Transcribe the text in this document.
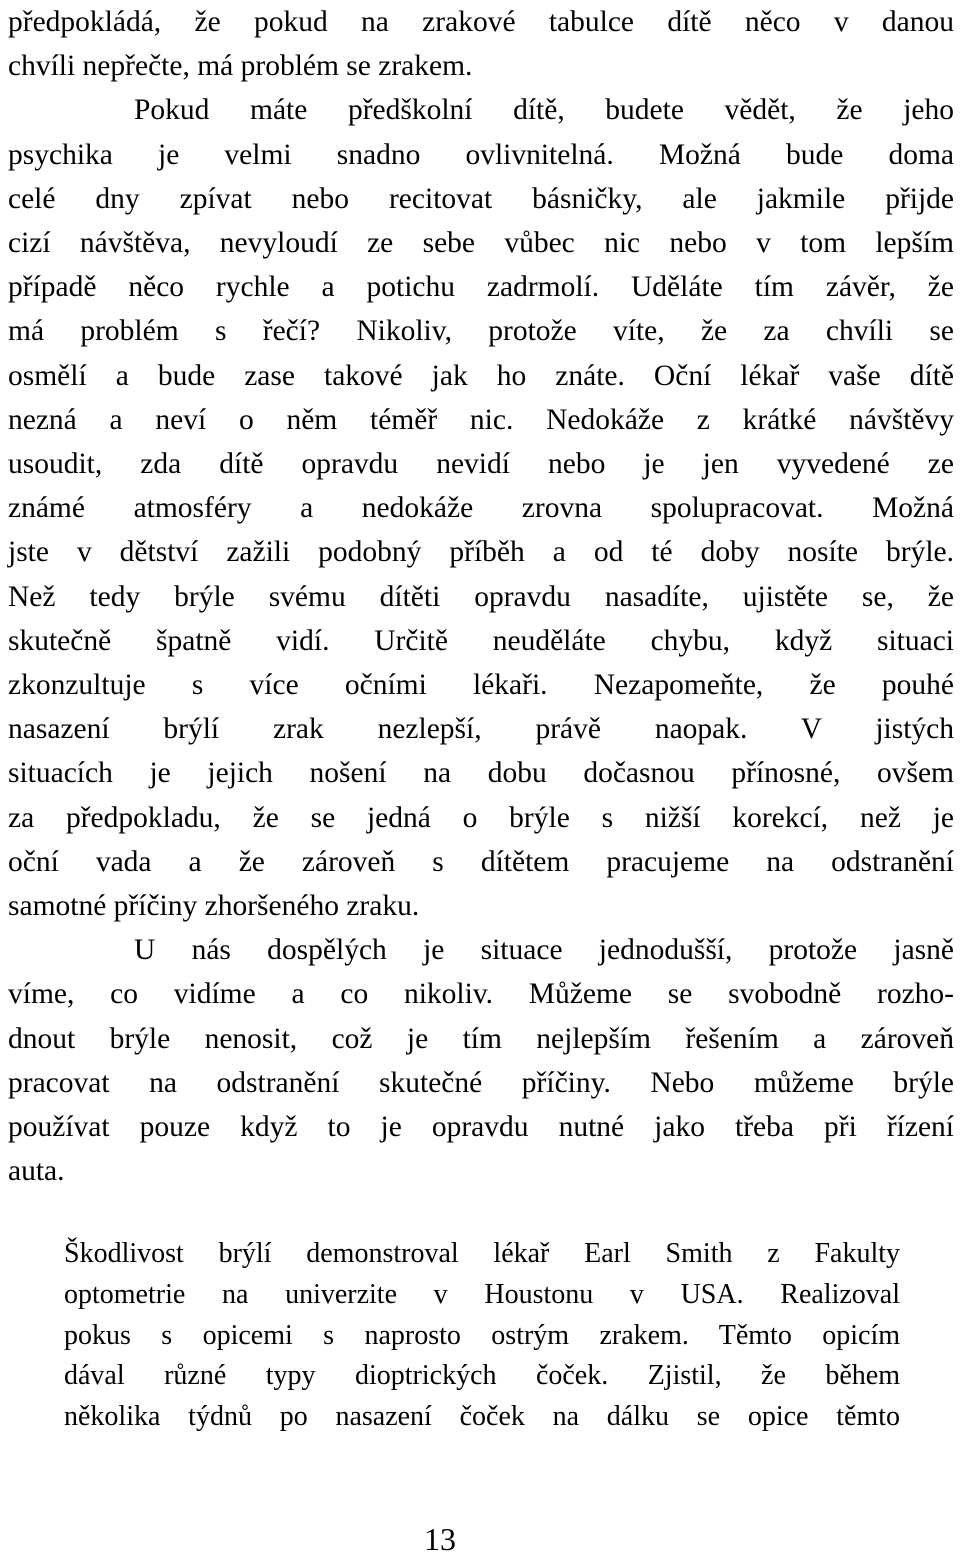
předpokládá, že pokud na zrakové tabulce dítě něco v danou
chvíli nepřečte, má problém se zrakem.
Pokud máte předškolní dítě, budete vědět, že jeho
psychika je velmi snadno ovlivnitelná. Možná bude doma
celé dny zpívat nebo recitovat básničky, ale jakmile přijde
cizí návštěva, nevyloudí ze sebe vůbec nic nebo v tom lepším
případě něco rychle a potichu zadrmolí. Uděláte tím závěr, že
má problém s řečí? Nikoliv, protože víte, že za chvíli se
osmělí a bude zase takové jak ho znáte. Oční lékař vaše dítě
nezná a neví o něm téměř nic. Nedokáže z krátké návštěvy
usoudit, zda dítě opravdu nevidí nebo je jen vyvedené ze
známé atmosféry a nedokáže zrovna spolupracovat. Možná
jste v dětství zažili podobný příběh a od té doby nosíte brýle.
Než tedy brýle svému dítěti opravdu nasadíte, ujistěte se, že
skutečně špatně vidí. Určitě neuděláte chybu, když situaci
zkonzultuje s více očními lékaři. Nezapomeňte, že pouhé
nasazení brýlí zrak nezlepší, právě naopak. V jistých
situacích je jejich nošení na dobu dočasnou přínosné, ovšem
za předpokladu, že se jedná o brýle s nižší korekcí, než je
oční vada a že zároveň s dítětem pracujeme na odstranění
samotné příčiny zhoršeného zraku.
U nás dospělých je situace jednodušší, protože jasně
víme, co vidíme a co nikoliv. Můžeme se svobodně rozho-
dnout brýle nenosit, což je tím nejlepším řešením a zároveň
pracovat na odstranění skutečné příčiny. Nebo můžeme brýle
používat pouze když to je opravdu nutné jako třeba při řízení
auta.
Škodlivost brýlí demonstroval lékař Earl Smith z Fakulty
optometrie na univerzite v Houstonu v USA. Realizoval
pokus s opicemi s naprosto ostrým zrakem. Těmto opicím
dával různé typy dioptrických čoček. Zjistil, že během
několika týdnů po nasazení čoček na dálku se opice těmto
13
